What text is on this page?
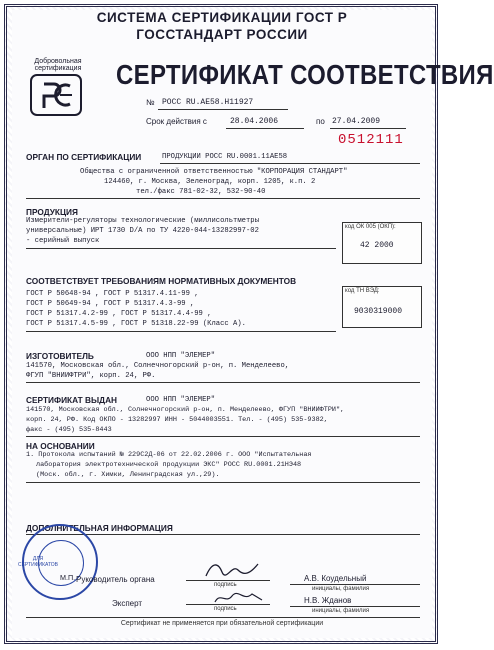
СИСТЕМА СЕРТИФИКАЦИИ ГОСТ Р
ГОССТАНДАРТ РОССИИ
Добровольная сертификация СЕРТИФИКАТ СООТВЕТСТВИЯ
№ РОСС RU.АЕ58.Н11927
Срок действия с	28.04.2006	по 27.04.2009
0512111
ОРГАН ПО СЕРТИФИКАЦИИ	ПРОДУКЦИИ РОСС RU.0001.11АЕ58
Общества с ограниченной ответственностью "КОРПОРАЦИЯ СТАНДАРТ"
124460, г. Москва, Зеленоград, корп. 1205, к.п. 2
тел./факс 781-02-32, 532-90-40
ПРОДУКЦИЯ
Измерители-регуляторы технологические (миллисольтметры
универсальные) ИРТ 1730 D/A по ТУ 4220-044-13282997-02
- серийный выпуск
код ОК 005 (ОКП):
42 2000
СООТВЕТСТВУЕТ ТРЕБОВАНИЯМ НОРМАТИВНЫХ ДОКУМЕНТОВ
ГОСТ Р 50648-94 , ГОСТ Р 51317.4.11-99 ,
ГОСТ Р 50649-94 , ГОСТ Р 51317.4.3-99 ,
ГОСТ Р 51317.4.2-99 , ГОСТ Р 51317.4.4-99 ,
ГОСТ Р 51317.4.5-99 , ГОСТ Р 51318.22-99 (Класс А).
код ТН ВЭД:
9030319000
ИЗГОТОВИТЕЛЬ	ООО НПП "ЭЛЕМЕР"
141570, Московская обл., Солнечногорский р-он, п. Менделеево,
ФГУП "ВНИИФТРИ", корп. 24, РФ.
СЕРТИФИКАТ ВЫДАН	ООО НПП "ЭЛЕМЕР"
141570, Московская обл., Солнечногорский р-он, п. Менделеево, ФГУП "ВНИИФТРИ",
корп. 24, РФ. Код ОКПО - 13282997 ИНН - 5044003551. Тел. - (495) 535-9382,
факс - (495) 535-8443
НА ОСНОВАНИИ
1. Протокола испытаний № 229С2Д-06 от 22.02.2006 г. ООО "Испытательная
лаборатория электротехнической продукции ЭКС" РОСС RU.0001.21НЭ48
(Моск. обл., г. Химки, Ленинградская ул.,29).
ДОПОЛНИТЕЛЬНАЯ ИНФОРМАЦИЯ
ДЛЯ СЕРТИФИКАТОВ
М.П. Руководитель органа
подпись
А.В. Коудельный
инициалы, фамилия
Эксперт
подпись
Н.В. Жданов
инициалы, фамилия
Сертификат не применяется при обязательной сертификации
